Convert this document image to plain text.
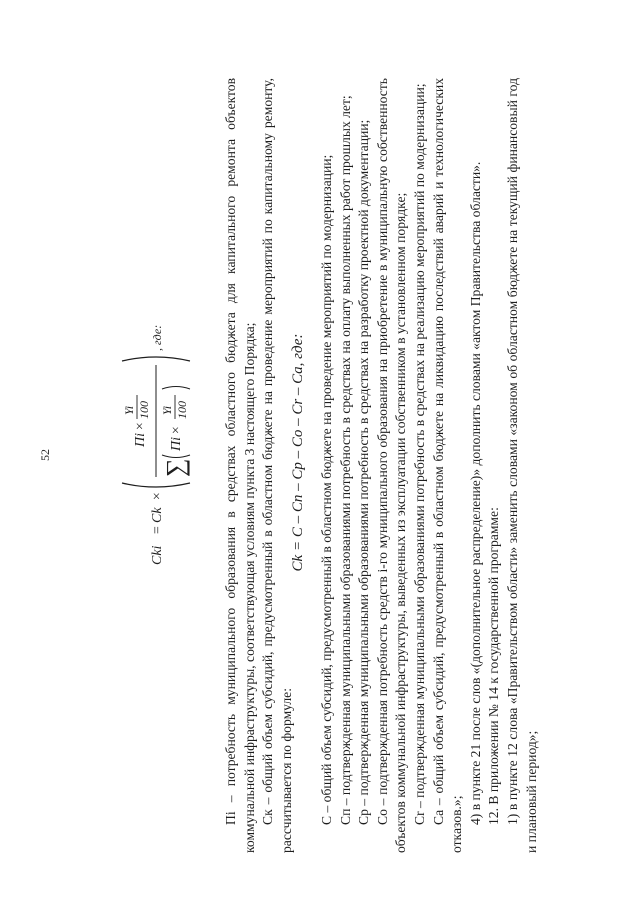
52
Cki
=
Ck
×
Пi
×
Yi 100
∑
Пi
×
Yi 100
, где:	Пi – потребность муниципального образования в средствах областного бюджета для капитального ремонта объектов коммунальной инфраструктуры, соответствующая условиям пункта 3 настоящего Порядка; Ск – общий объем субсидий, предусмотренный в областном бюджете на проведение мероприятий по капитальному ремонту, рассчитывается по формуле:

Ck = C – Cп – Cp – Co – Cr – Ca, где: С – общий объем субсидий, предусмотренный в областном бюджете на проведение мероприятий по модернизации; Сп – подтвержденная муниципальными образованиями потребность в средствах на оплату выполненных работ прошлых лет; Ср – подтвержденная муниципальными образованиями потребность в средствах на разработку проектной документации; Со – подтвержденная потребность средств i-го муниципального образования на приобретение в муниципальную собственность объектов коммунальной инфраструктуры, выведенных из эксплуатации собственником в установленном порядке; Сr – подтвержденная муниципальными образованиями потребность в средствах на реализацию мероприятий по модернизации; Са – общий объем субсидий, предусмотренный в областном бюджете на ликвидацию последствий аварий и технологических отказов.»; 4) в пункте 21 после слов «(дополнительное распределение)» дополнить словами «актом Правительства области». 12. В приложении № 14 к государственной программе: 1) в пункте 12 слова «Правительством области» заменить словами «законом об областном бюджете на текущий финансовый год и плановый период»;
